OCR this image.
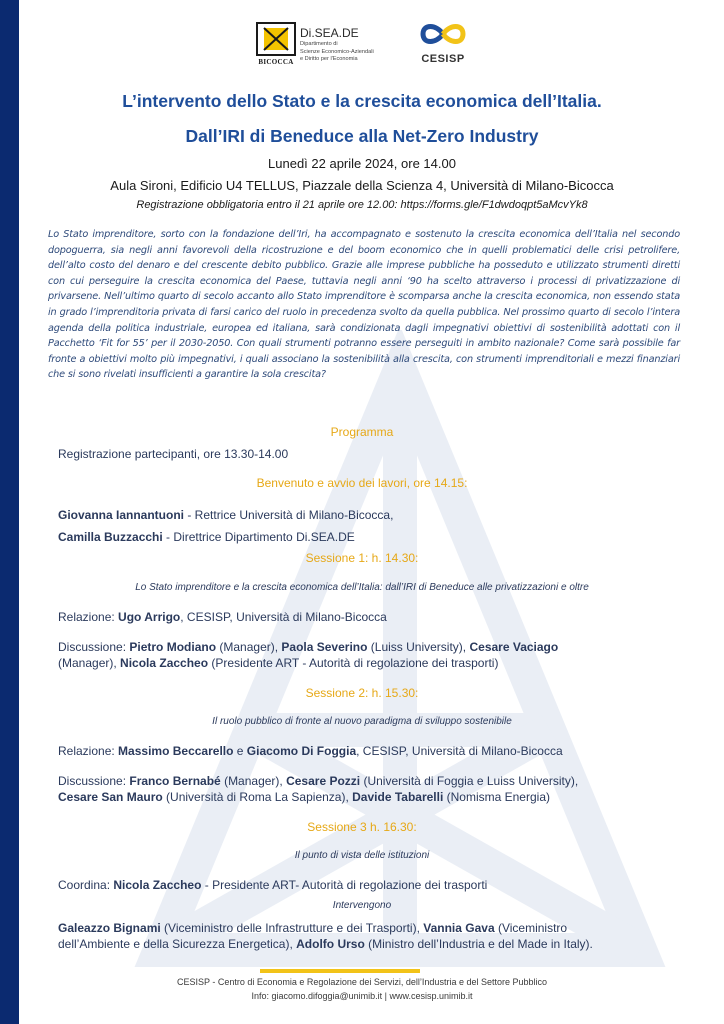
BICOCCA
Di.SEA.DE
Dipartimento di
Scienze Economico-Aziendali
e Diritto per l'Economia	CESISP
L’intervento dello Stato e la crescita economica dell’Italia.
Dall’IRI di Beneduce alla Net-Zero Industry
Lunedì 22 aprile 2024, ore 14.00
Aula Sironi, Edificio U4 TELLUS, Piazzale della Scienza 4, Università di Milano-Bicocca
Registrazione obbligatoria entro il 21 aprile ore 12.00: https://forms.gle/F1dwdoqpt5aMcvYk8
Lo Stato imprenditore, sorto con la fondazione dell’Iri, ha accompagnato e sostenuto la crescita economica dell’Italia nel secondo dopoguerra, sia negli anni favorevoli della ricostruzione e del boom economico che in quelli problematici delle crisi petrolifere, dell’alto costo del denaro e del crescente debito pubblico. Grazie alle imprese pubbliche ha posseduto e utilizzato strumenti diretti con cui perseguire la crescita economica del Paese, tuttavia negli anni ‘90 ha scelto attraverso i processi di privatizzazione di privarsene. Nell’ultimo quarto di secolo accanto allo Stato imprenditore è scomparsa anche la crescita economica, non essendo stata in grado l’imprenditoria privata di farsi carico del ruolo in precedenza svolto da quella pubblica. Nel prossimo quarto di secolo l’intera agenda della politica industriale, europea ed italiana, sarà condizionata dagli impegnativi obiettivi di sostenibilità adottati con il Pacchetto ‘Fit for 55’ per il 2030-2050. Con quali strumenti potranno essere perseguiti in ambito nazionale? Come sarà possibile far fronte a obiettivi molto più impegnativi, i quali associano la sostenibilità alla crescita, con strumenti imprenditoriali e mezzi finanziari che si sono rivelati insufficienti a garantire la sola crescita?
Programma
Registrazione partecipanti, ore 13.30-14.00
Benvenuto e avvio dei lavori, ore 14.15:
Giovanna Iannantuoni - Rettrice Università di Milano-Bicocca,
Camilla Buzzacchi - Direttrice Dipartimento Di.SEA.DE
Sessione 1: h. 14.30:
Lo Stato imprenditore e la crescita economica dell’Italia: dall’IRI di Beneduce alle privatizzazioni e oltre
Relazione: Ugo Arrigo, CESISP, Università di Milano-Bicocca
Discussione: Pietro Modiano (Manager), Paola Severino (Luiss University), Cesare Vaciago
(Manager), Nicola Zaccheo (Presidente ART - Autorità di regolazione dei trasporti)
Sessione 2: h. 15.30:
Il ruolo pubblico di fronte al nuovo paradigma di sviluppo sostenibile
Relazione: Massimo Beccarello e Giacomo Di Foggia, CESISP, Università di Milano-Bicocca
Discussione: Franco Bernabé (Manager), Cesare Pozzi (Università di Foggia e Luiss University),
Cesare San Mauro (Università di Roma La Sapienza), Davide Tabarelli (Nomisma Energia)
Sessione 3 h. 16.30:
Il punto di vista delle istituzioni
Coordina: Nicola Zaccheo - Presidente ART- Autorità di regolazione dei trasporti
Intervengono
Galeazzo Bignami (Viceministro delle Infrastrutture e dei Trasporti), Vannia Gava (Viceministro
dell’Ambiente e della Sicurezza Energetica), Adolfo Urso (Ministro dell’Industria e del Made in Italy).
CESISP - Centro di Economia e Regolazione dei Servizi, dell’Industria e del Settore Pubblico
Info: giacomo.difoggia@unimib.it | www.cesisp.unimib.it
